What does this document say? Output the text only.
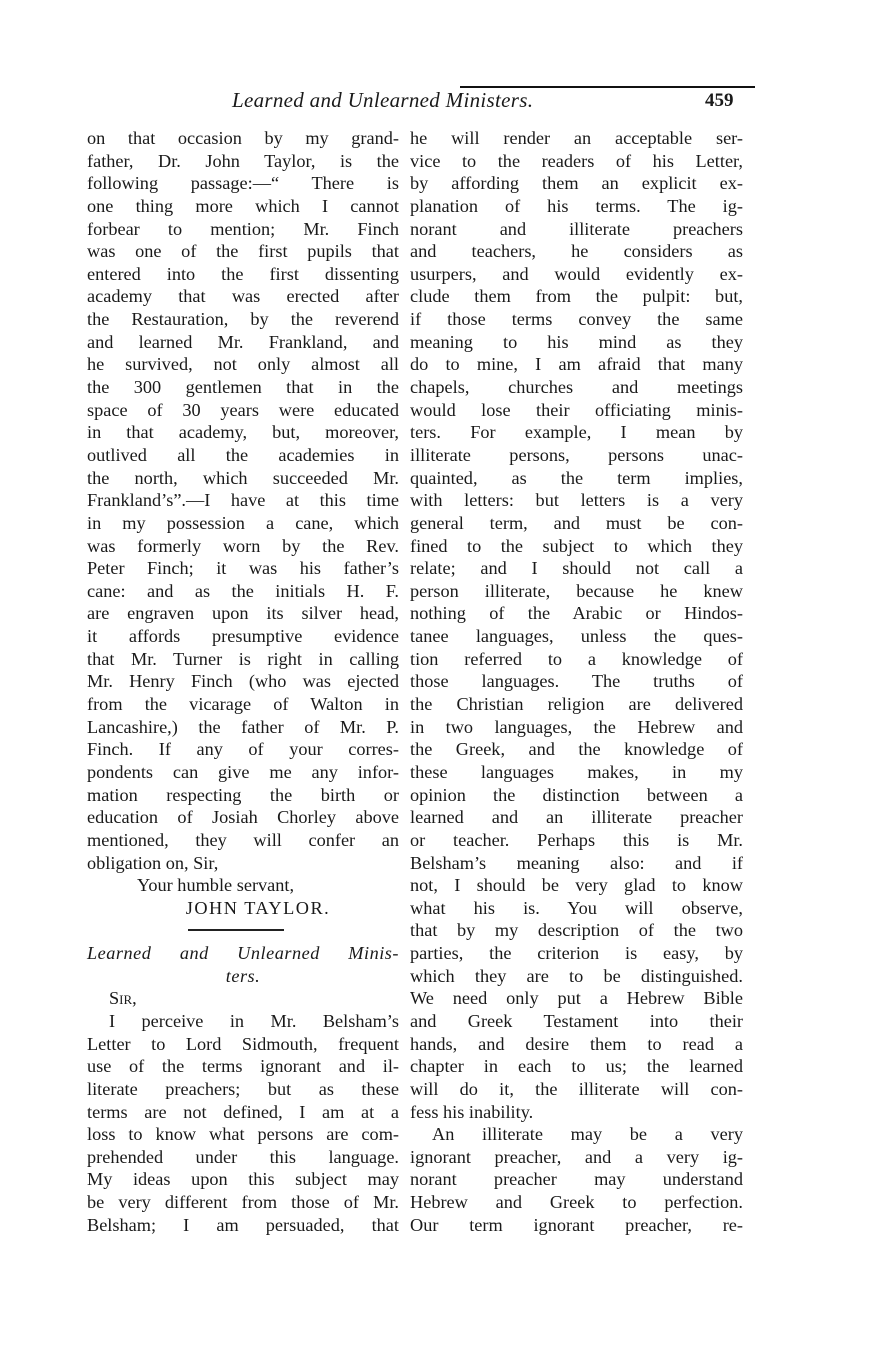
Learned and Unlearned Ministers.	459
on that occasion by my grand-
father, Dr. John Taylor, is the
following passage:—“ There is
one thing more which I cannot
forbear to mention; Mr. Finch
was one of the first pupils that
entered into the first dissenting
academy that was erected after
the Restauration, by the reverend
and learned Mr. Frankland, and
he survived, not only almost all
the 300 gentlemen that in the
space of 30 years were educated
in that academy, but, moreover,
outlived all the academies in
the north, which succeeded Mr.
Frankland’s”.—I have at this time
in my possession a cane, which
was formerly worn by the Rev.
Peter Finch; it was his father’s
cane: and as the initials H. F.
are engraven upon its silver head,
it affords presumptive evidence
that Mr. Turner is right in calling
Mr. Henry Finch (who was ejected
from the vicarage of Walton in
Lancashire,) the father of Mr. P.
Finch. If any of your corres-
pondents can give me any infor-
mation respecting the birth or
education of Josiah Chorley above
mentioned, they will confer an
obligation on, Sir,
Your humble servant,
JOHN TAYLOR.
Learned and Unlearned Minis-
ters.
Sir,
I perceive in Mr. Belsham’s
Letter to Lord Sidmouth, frequent
use of the terms ignorant and il-
literate preachers; but as these
terms are not defined, I am at a
loss to know what persons are com-
prehended under this language.
My ideas upon this subject may
be very different from those of Mr.
Belsham; I am persuaded, that
he will render an acceptable ser-
vice to the readers of his Letter,
by affording them an explicit ex-
planation of his terms. The ig-
norant and illiterate preachers
and teachers, he considers as
usurpers, and would evidently ex-
clude them from the pulpit: but,
if those terms convey the same
meaning to his mind as they
do to mine, I am afraid that many
chapels, churches and meetings
would lose their officiating minis-
ters. For example, I mean by
illiterate persons, persons unac-
quainted, as the term implies,
with letters: but letters is a very
general term, and must be con-
fined to the subject to which they
relate; and I should not call a
person illiterate, because he knew
nothing of the Arabic or Hindos-
tanee languages, unless the ques-
tion referred to a knowledge of
those languages. The truths of
the Christian religion are delivered
in two languages, the Hebrew and
the Greek, and the knowledge of
these languages makes, in my
opinion the distinction between a
learned and an illiterate preacher
or teacher. Perhaps this is Mr.
Belsham’s meaning also: and if
not, I should be very glad to know
what his is. You will observe,
that by my description of the two
parties, the criterion is easy, by
which they are to be distinguished.
We need only put a Hebrew Bible
and Greek Testament into their
hands, and desire them to read a
chapter in each to us; the learned
will do it, the illiterate will con-
fess his inability.
An illiterate may be a very
ignorant preacher, and a very ig-
norant preacher may understand
Hebrew and Greek to perfection.
Our term ignorant preacher, re-
